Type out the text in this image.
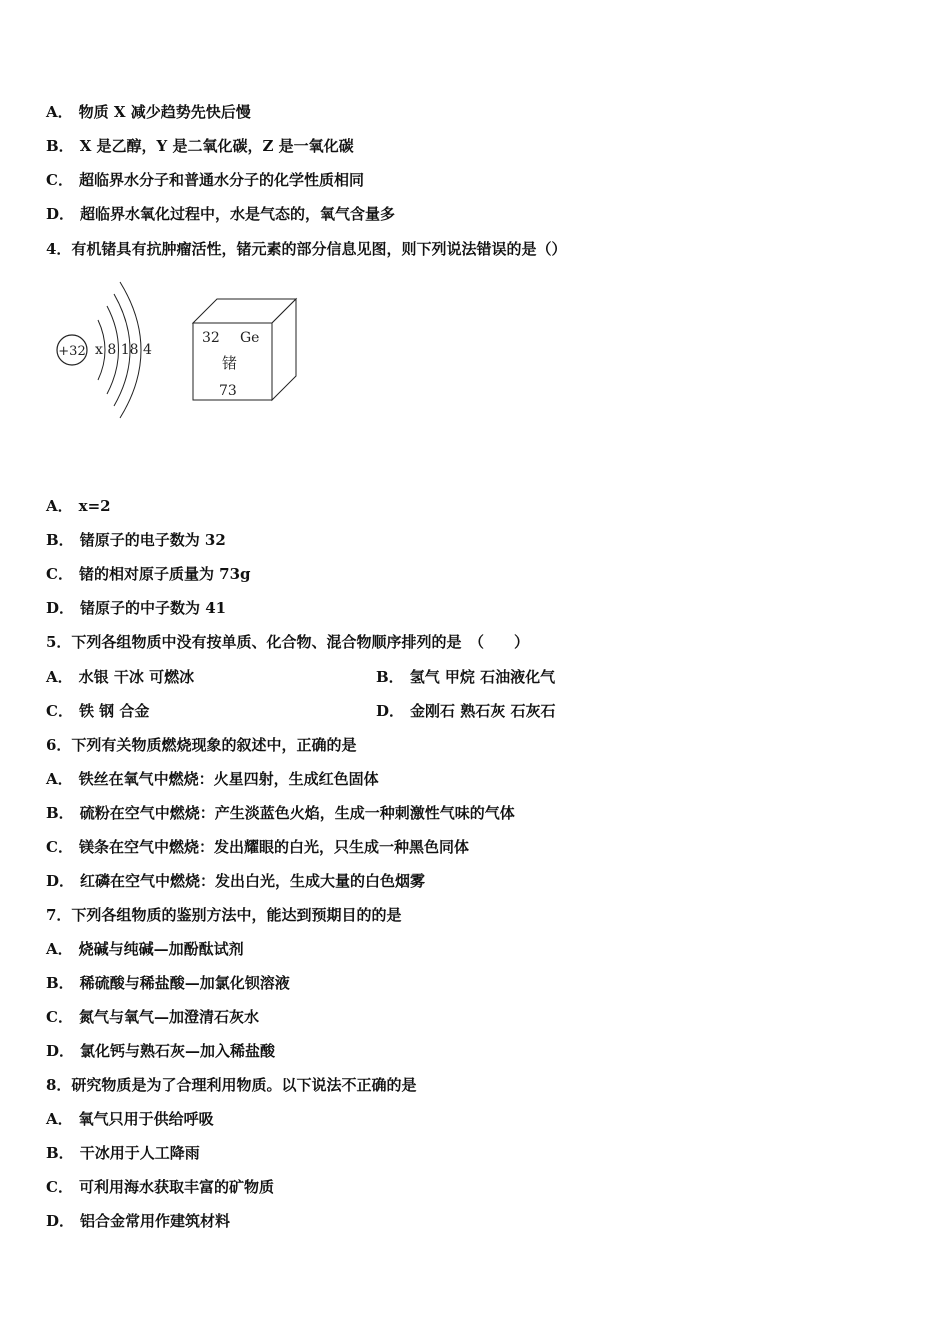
A． 物质 X 减少趋势先快后慢
B． X 是乙醇，Y 是二氧化碳，Z 是一氧化碳
C． 超临界水分子和普通水分子的化学性质相同
D． 超临界水氧化过程中，水是气态的，氧气含量多
4．有机锗具有抗肿瘤活性，锗元素的部分信息见图，则下列说法错误的是（）
+32 x 8 18 4
32 Ge
锗
73
A． x=2
B． 锗原子的电子数为 32
C． 锗的相对原子质量为 73g
D． 锗原子的中子数为 41
5．下列各组物质中没有按单质、化合物、混合物顺序排列的是　（　　）
A． 水银 干冰 可燃冰	B． 氢气 甲烷 石油液化气
C． 铁 钢 合金	D． 金刚石 熟石灰 石灰石
6．下列有关物质燃烧现象的叙述中，正确的是
A． 铁丝在氧气中燃烧：火星四射，生成红色固体
B． 硫粉在空气中燃烧：产生淡蓝色火焰，生成一种刺激性气味的气体
C． 镁条在空气中燃烧：发出耀眼的白光，只生成一种黑色同体
D． 红磷在空气中燃烧：发出白光，生成大量的白色烟雾
7．下列各组物质的鉴别方法中，能达到预期目的的是
A． 烧碱与纯碱—加酚酞试剂
B． 稀硫酸与稀盐酸—加氯化钡溶液
C． 氮气与氧气—加澄清石灰水
D． 氯化钙与熟石灰—加入稀盐酸
8．研究物质是为了合理利用物质。以下说法不正确的是
A． 氧气只用于供给呼吸
B． 干冰用于人工降雨
C． 可利用海水获取丰富的矿物质
D． 铝合金常用作建筑材料
